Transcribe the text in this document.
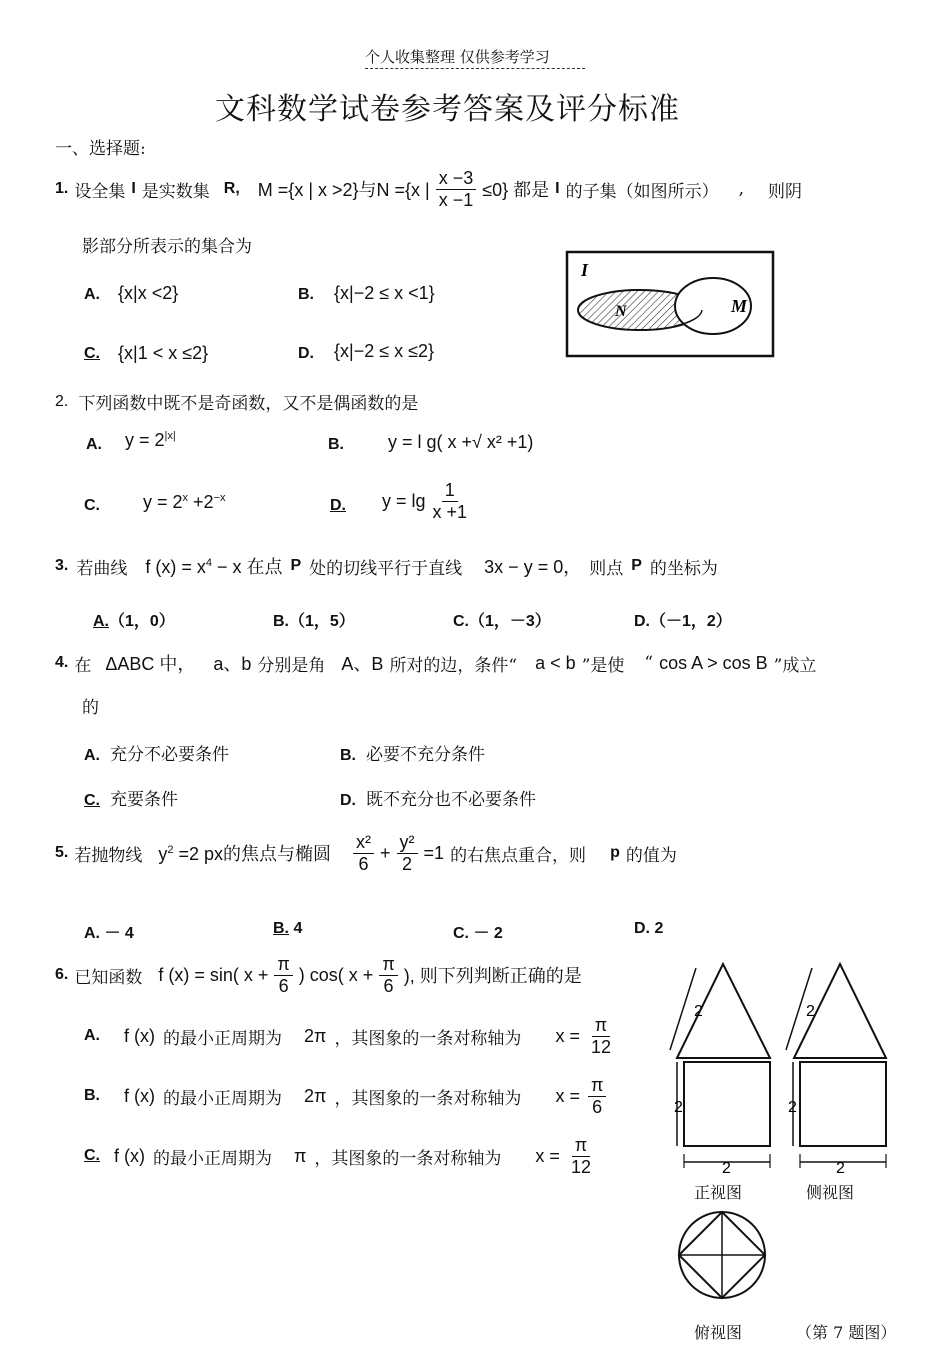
个人收集整理 仅供参考学习
文科数学试卷参考答案及评分标准
一、选择题:
1. 设全集 I 是实数集 R, M ={x | x >2}与N ={x | $\frac{x -3}{x -1} \le 0$} 都是 I 的子集（如图所示） , 则阴
影部分所表示的集合为
A. {x|x <2}	B. {x|−2 ≤ x <1}
C. {x|1 < x ≤2}	D. {x|−2 ≤ x ≤2}
I
N	M
2. 下列函数中既不是奇函数，又不是偶函数的是
A. $y = 2^{|x|}$	B. y = l g( x +√ x² +1)
C. $y = 2^x +2^{-x}$	D. $y = \lg \frac{1}{x +1}$
3. 若曲线 f $(x) = x^4 - x$ 在点 P 处的切线平行于直线 3x − y = 0， 则点 P 的坐标为
A.（1，0）	B.（1，5）	C.（1，－3）	D.（－1，2）
4. 在 ΔABC 中， a、b 分别是角 A、B 所对的边，条件“ a < b ”是使 “ cos A > cos B ”成立
的
A. 充分不必要条件	B. 必要不充分条件
C. 充要条件	D. 既不充分也不必要条件
5. 若抛物线 $y^2 =2$ px的焦点与椭圆 $\frac{\text{x²}}{6} + \frac{\text{y²}}{2} =1$ 的右焦点重合，则 p 的值为
A. － 4	B. 4	C. － 2	D. 2
6. 已知函数 f (x) = sin( $x + \frac{\pi}{6}$ ) cos( $x + \frac{\pi}{6}$ ), 则下列判断正确的是
A. f (x) 的最小正周期为 2π ，其图象的一条对称轴为 $x = \frac{\pi}{12}$
B. f (x) 的最小正周期为 2π ，其图象的一条对称轴为 $x = \frac{\pi}{6}$
C. f (x) 的最小正周期为 π ，其图象的一条对称轴为 $x = \frac{\pi}{12}$
2
2
2
2
2
2
正视图	侧视图
俯视图	（第 7 题图）
